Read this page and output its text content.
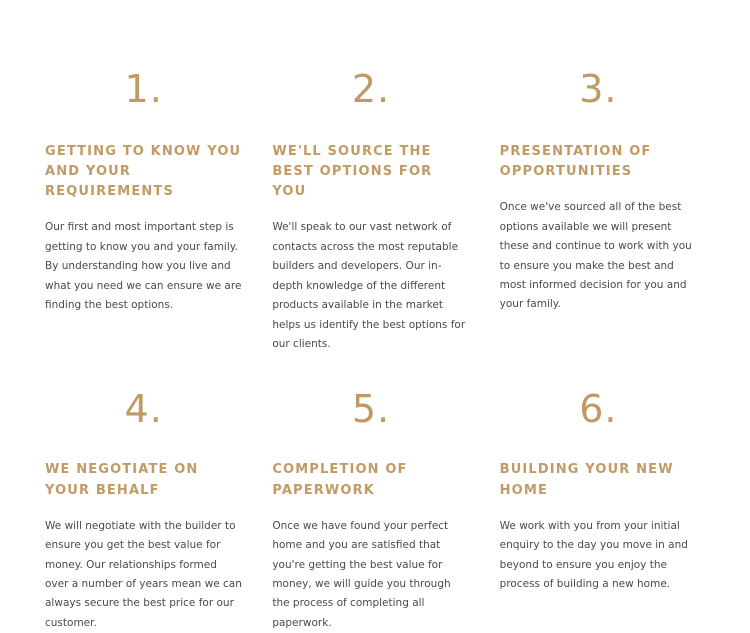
1.
GETTING TO KNOW YOU AND YOUR REQUIREMENTS

Our first and most important step is getting to know you and your family. By understanding how you live and what you need we can ensure we are finding the best options.

2.
WE'LL SOURCE THE BEST OPTIONS FOR YOU

We'll speak to our vast network of contacts across the most reputable builders and developers. Our in-depth knowledge of the different products available in the market helps us identify the best options for our clients.

3.
PRESENTATION OF OPPORTUNITIES

Once we've sourced all of the best options available we will present these and continue to work with you to ensure you make the best and most informed decision for you and your family.

4.
WE NEGOTIATE ON YOUR BEHALF

We will negotiate with the builder to ensure you get the best value for money. Our relationships formed over a number of years mean we can always secure the best price for our customer.

5.
COMPLETION OF PAPERWORK

Once we have found your perfect home and you are satisfied that you're getting the best value for money, we will guide you through the process of completing all paperwork.

6.
BUILDING YOUR NEW HOME

We work with you from your initial enquiry to the day you move in and beyond to ensure you enjoy the process of building a new home.
